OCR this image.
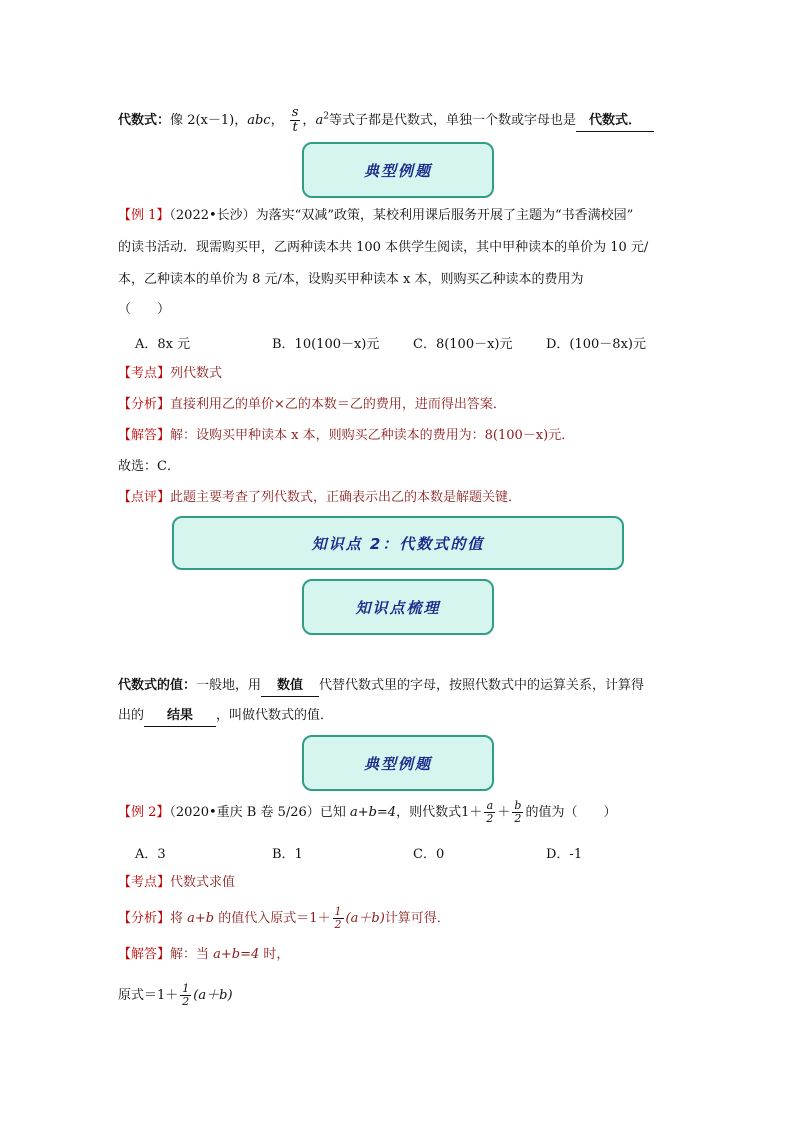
代数式：像 2(x－1)，abc， $\frac{s}{t}$ ，$a^2$等式子都是代数式，单独一个数或字母也是 代数式．
典型例题
【例 1】（2022•长沙）为落实“双减”政策，某校利用课后服务开展了主题为“书香满校园”
的读书活动．现需购买甲，乙两种读本共 100 本供学生阅读，其中甲种读本的单价为 10 元/
本，乙种读本的单价为 8 元/本，设购买甲种读本 x 本，则购买乙种读本的费用为
（　　）
A．8x 元	B．10(100－x)元	C．8(100－x)元	D．(100－8x)元
【考点】列代数式
【分析】直接利用乙的单价×乙的本数＝乙的费用，进而得出答案．
【解答】解：设购买甲种读本 x 本，则购买乙种读本的费用为：8(100－x)元．
故选：C．
【点评】此题主要考查了列代数式，正确表示出乙的本数是解题关键．
知识点 2：代数式的值
知识点梳理
代数式的值：一般地，用 数值 代替代数式里的字母，按照代数式中的运算关系，计算得
出的 结果 ，叫做代数式的值．
典型例题
【例 2】（2020•重庆 B 卷 5/26）已知 a+b=4，则代数式$1+ \frac{a}{2} + \frac{b}{2}$ 的值为（　　）
A．3	B．1	C．0	D．-1
【考点】代数式求值
【分析】将 a+b 的值代入原式$=1+ \frac{1}{2} (a+b)$计算可得．
【解答】解：当 a+b=4 时，
原式$=1+ \frac{1}{2} (a+b)$
